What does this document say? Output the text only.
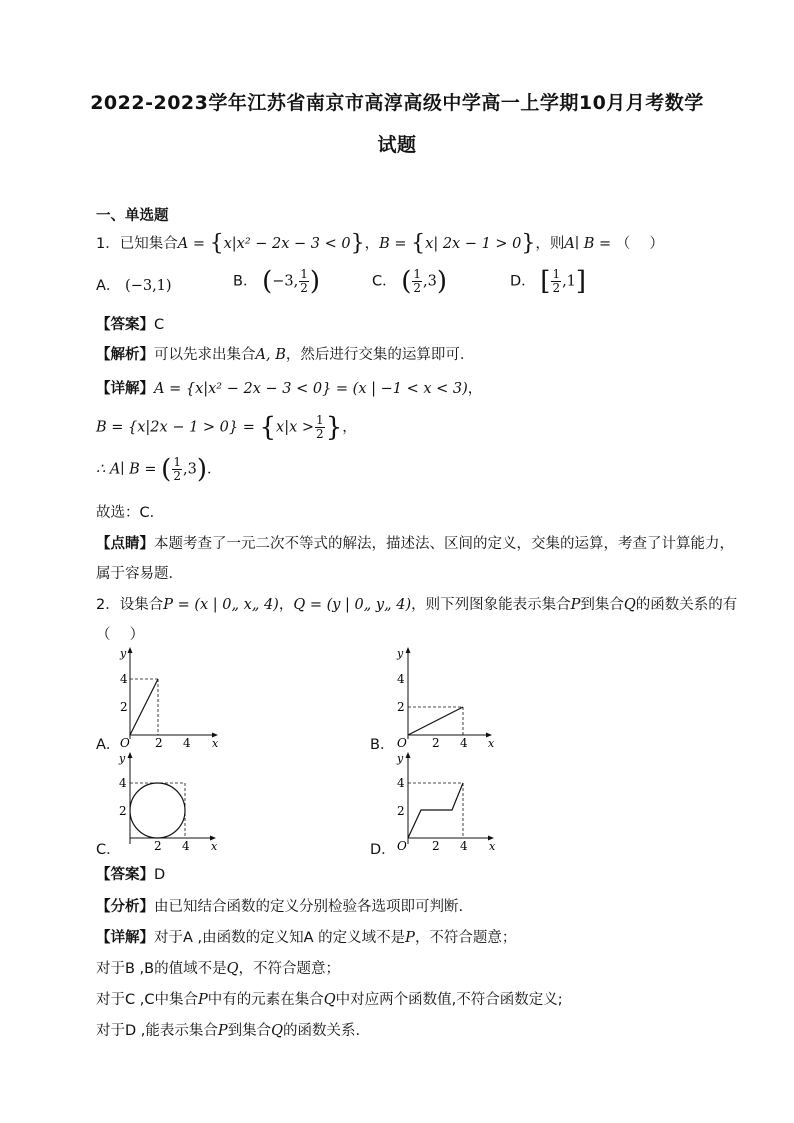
2022-2023学年江苏省南京市高淳高级中学高一上学期10月月考数学
试题
一、单选题
1．已知集合A = {x|x² − 2x − 3 < 0}，B = {x| 2x − 1 > 0}，则A∣ B = （　 ）
A． (−3,1)	B． (−3, $\frac{1}{2}$ )	C． ( $\frac{1}{2} ,3$)	D． [ $\frac{1}{2} ,1$]
【答案】C
【解析】可以先求出集合A, B，然后进行交集的运算即可．
【详解】A = {x|x² − 2x − 3 < 0} = (x | −1 < x < 3)，
$B = \{x|2x - 1 > 0\} = \{x|x > \frac{1}{2}$ }，
∴ A∣ B = ( $\frac{1}{2} ,3$)．
故选：C．
【点睛】本题考查了一元二次不等式的解法，描述法、区间的定义，交集的运算，考查了计算能力，
属于容易题．
2．设集合P = (x | 0„ x„ 4)，Q = (y | 0„ y„ 4)，则下列图象能表示集合P到集合Q的函数关系的有
（　 ）
A．
y
x
O 2 4
4
2
B．
y
x
O 2 4
4
2
C．
y
x
2 4
4
2
D．
y
x
O 2 4
4
2
【答案】D
【分析】由已知结合函数的定义分别检验各选项即可判断.
【详解】对于A ,由函数的定义知A 的定义域不是P，不符合题意；
对于B ,B的值域不是Q，不符合题意；
对于C ,C中集合P中有的元素在集合Q中对应两个函数值,不符合函数定义;
对于D ,能表示集合P到集合Q的函数关系.
